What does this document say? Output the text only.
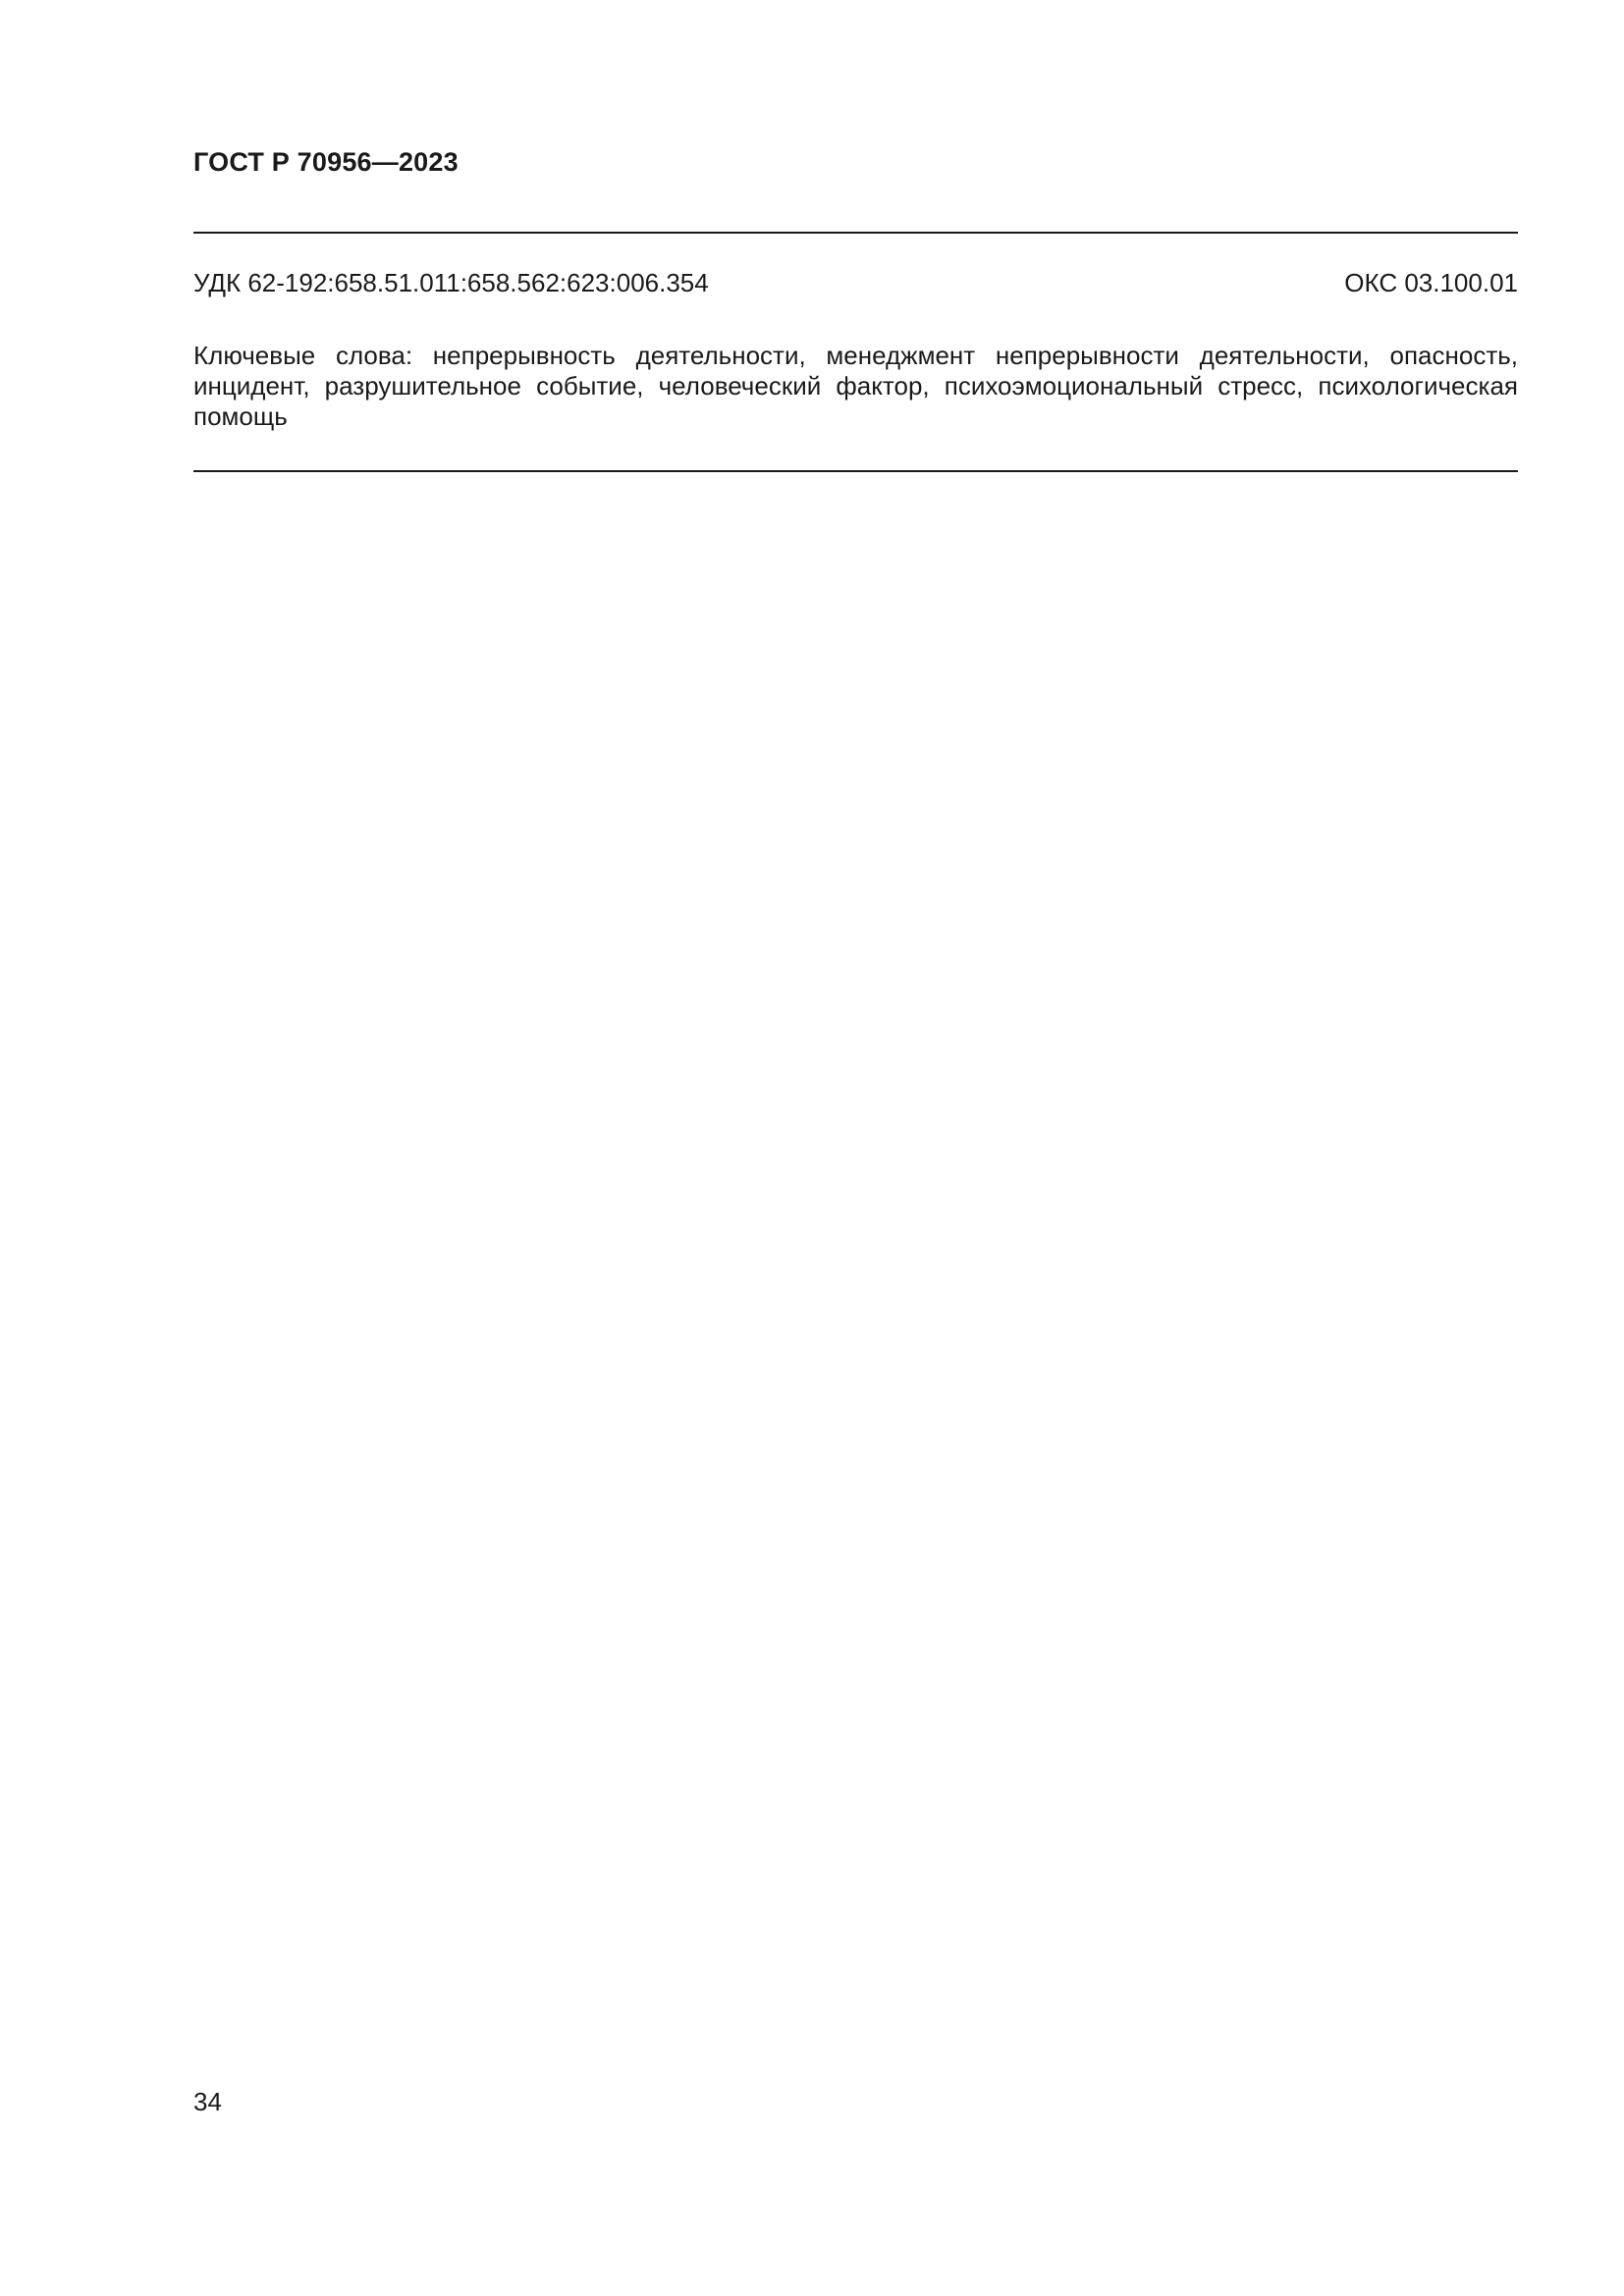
ГОСТ Р 70956—2023
УДК 62-192:658.51.011:658.562:623:006.354	ОКС 03.100.01
Ключевые слова: непрерывность деятельности, менеджмент непрерывности деятельности, опасность, инцидент, разрушительное событие, человеческий фактор, психоэмоциональный стресс, психологическая помощь
34
